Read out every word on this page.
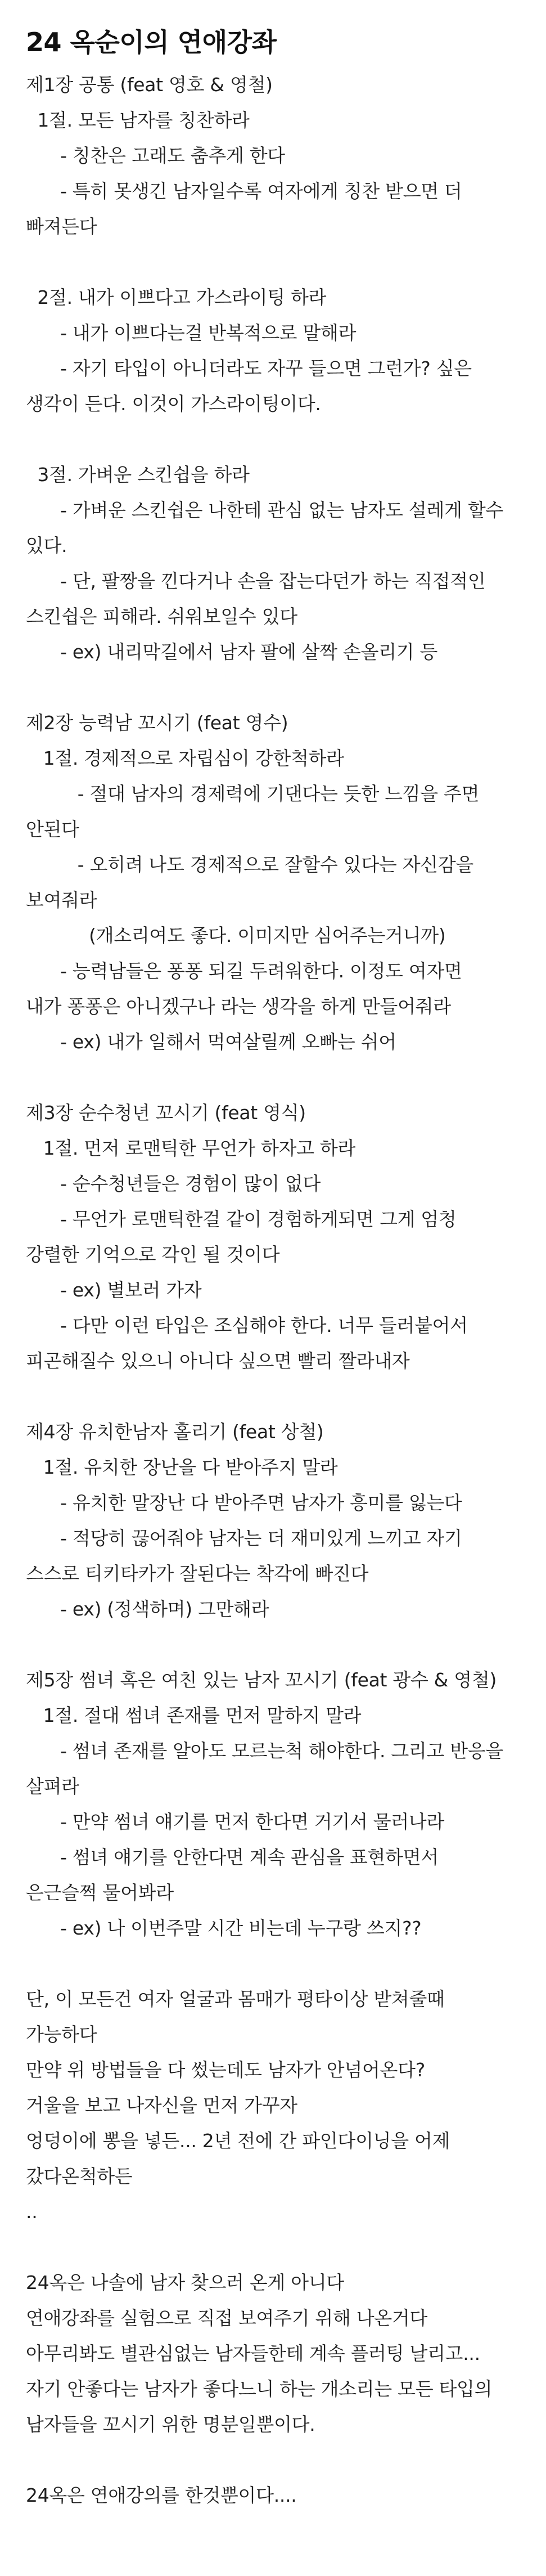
24 옥순이의 연애강좌
제1장 공통 (feat 영호 & 영철)
1절. 모든 남자를 칭찬하라
- 칭찬은 고래도 춤추게 한다
- 특히 못생긴 남자일수록 여자에게 칭찬 받으면 더
빠져든다
2절. 내가 이쁘다고 가스라이팅 하라
- 내가 이쁘다는걸 반복적으로 말해라
- 자기 타입이 아니더라도 자꾸 들으면 그런가? 싶은
생각이 든다. 이것이 가스라이팅이다.
3절. 가벼운 스킨쉽을 하라
- 가벼운 스킨쉽은 나한테 관심 없는 남자도 설레게 할수
있다.
- 단, 팔짱을 낀다거나 손을 잡는다던가 하는 직접적인
스킨쉽은 피해라. 쉬워보일수 있다
- ex) 내리막길에서 남자 팔에 살짝 손올리기 등
제2장 능력남 꼬시기 (feat 영수)
1절. 경제적으로 자립심이 강한척하라
- 절대 남자의 경제력에 기댄다는 듯한 느낌을 주면
안된다
- 오히려 나도 경제적으로 잘할수 있다는 자신감을
보여줘라
(개소리여도 좋다. 이미지만 심어주는거니까)
- 능력남들은 퐁퐁 되길 두려워한다. 이정도 여자면
내가 퐁퐁은 아니겠구나 라는 생각을 하게 만들어줘라
- ex) 내가 일해서 먹여살릴께 오빠는 쉬어
제3장 순수청년 꼬시기 (feat 영식)
1절. 먼저 로맨틱한 무언가 하자고 하라
- 순수청년들은 경험이 많이 없다
- 무언가 로맨틱한걸 같이 경험하게되면 그게 엄청
강렬한 기억으로 각인 될 것이다
- ex) 별보러 가자
- 다만 이런 타입은 조심해야 한다. 너무 들러붙어서
피곤해질수 있으니 아니다 싶으면 빨리 짤라내자
제4장 유치한남자 홀리기 (feat 상철)
1절. 유치한 장난을 다 받아주지 말라
- 유치한 말장난 다 받아주면 남자가 흥미를 잃는다
- 적당히 끊어줘야 남자는 더 재미있게 느끼고 자기
스스로 티키타카가 잘된다는 착각에 빠진다
- ex) (정색하며) 그만해라
제5장 썸녀 혹은 여친 있는 남자 꼬시기 (feat 광수 & 영철)
1절. 절대 썸녀 존재를 먼저 말하지 말라
- 썸녀 존재를 알아도 모르는척 해야한다. 그리고 반응을
살펴라
- 만약 썸녀 얘기를 먼저 한다면 거기서 물러나라
- 썸녀 얘기를 안한다면 계속 관심을 표현하면서
은근슬쩍 물어봐라
- ex) 나 이번주말 시간 비는데 누구랑 쓰지??
단, 이 모든건 여자 얼굴과 몸매가 평타이상 받쳐줄때
가능하다
만약 위 방법들을 다 썼는데도 남자가 안넘어온다?
거울을 보고 나자신을 먼저 가꾸자
엉덩이에 뽕을 넣든... 2년 전에 간 파인다이닝을 어제
갔다온척하든
..
24옥은 나솔에 남자 찾으러 온게 아니다
연애강좌를 실험으로 직접 보여주기 위해 나온거다
아무리봐도 별관심없는 남자들한테 계속 플러팅 날리고...
자기 안좋다는 남자가 좋다느니 하는 개소리는 모든 타입의
남자들을 꼬시기 위한 명분일뿐이다.
24옥은 연애강의를 한것뿐이다....
